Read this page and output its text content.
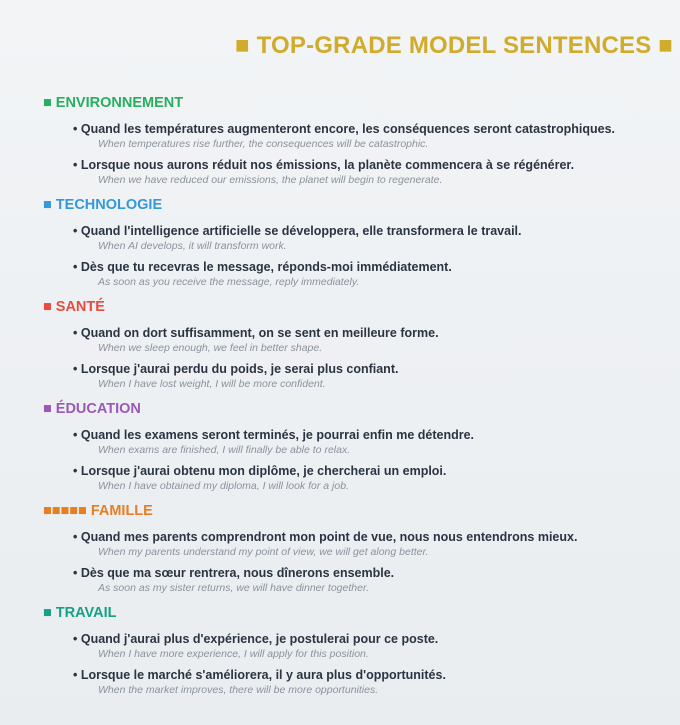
■ TOP-GRADE MODEL SENTENCES ■
■ ENVIRONNEMENT
• Quand les températures augmenteront encore, les conséquences seront catastrophiques.
When temperatures rise further, the consequences will be catastrophic.
• Lorsque nous aurons réduit nos émissions, la planète commencera à se régénérer.
When we have reduced our emissions, the planet will begin to regenerate.
■ TECHNOLOGIE
• Quand l'intelligence artificielle se développera, elle transformera le travail.
When AI develops, it will transform work.
• Dès que tu recevras le message, réponds-moi immédiatement.
As soon as you receive the message, reply immediately.
■ SANTÉ
• Quand on dort suffisamment, on se sent en meilleure forme.
When we sleep enough, we feel in better shape.
• Lorsque j'aurai perdu du poids, je serai plus confiant.
When I have lost weight, I will be more confident.
■ ÉDUCATION
• Quand les examens seront terminés, je pourrai enfin me détendre.
When exams are finished, I will finally be able to relax.
• Lorsque j'aurai obtenu mon diplôme, je chercherai un emploi.
When I have obtained my diploma, I will look for a job.
■■■■■ FAMILLE
• Quand mes parents comprendront mon point de vue, nous nous entendrons mieux.
When my parents understand my point of view, we will get along better.
• Dès que ma sœur rentrera, nous dînerons ensemble.
As soon as my sister returns, we will have dinner together.
■ TRAVAIL
• Quand j'aurai plus d'expérience, je postulerai pour ce poste.
When I have more experience, I will apply for this position.
• Lorsque le marché s'améliorera, il y aura plus d'opportunités.
When the market improves, there will be more opportunities.
